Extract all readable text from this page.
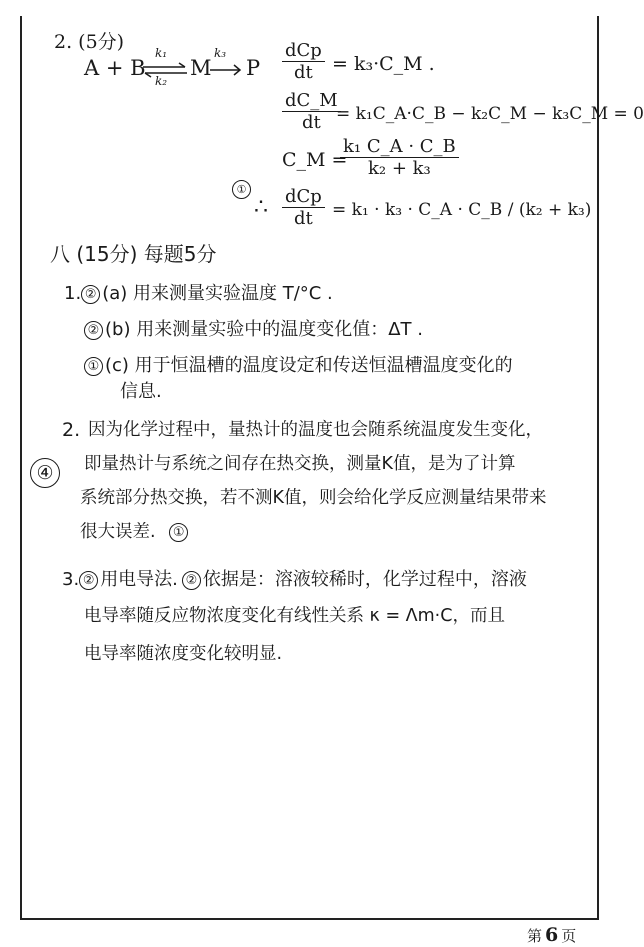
2. (5分)
A + B
k₁
k₂
M
k₃
P
dCp
dt = k₃·C_M .
$\frac{dC\_M}{dt}$
= k₁C_A·C_B − k₂C_M − k₃C_M = 0
C_M =
$\frac{\text{k₁ C\_A · C\_B}}{\text{k₂ + k₃}}$
①
∴ dCp
dt = k₁ · k₃ · C_A · C_B / (k₂ + k₃)
八 (15分) 每题5分
1. ② (a) 用来测量实验温度 T/°C .
② (b) 用来测量实验中的温度变化值：ΔT .
① (c) 用于恒温槽的温度设定和传送恒温槽温度变化的
信息.
2.
④
因为化学过程中，量热计的温度也会随系统温度发生变化，
即量热计与系统之间存在热交换，测量K值，是为了计算
系统部分热交换，若不测K值，则会给化学反应测量结果带来
很大误差. ①
3. ② 用电导法. ② 依据是：溶液较稀时，化学过程中，溶液
电导率随反应物浓度变化有线性关系 κ = Λm·C，而且
电导率随浓度变化较明显.
第 6 页
